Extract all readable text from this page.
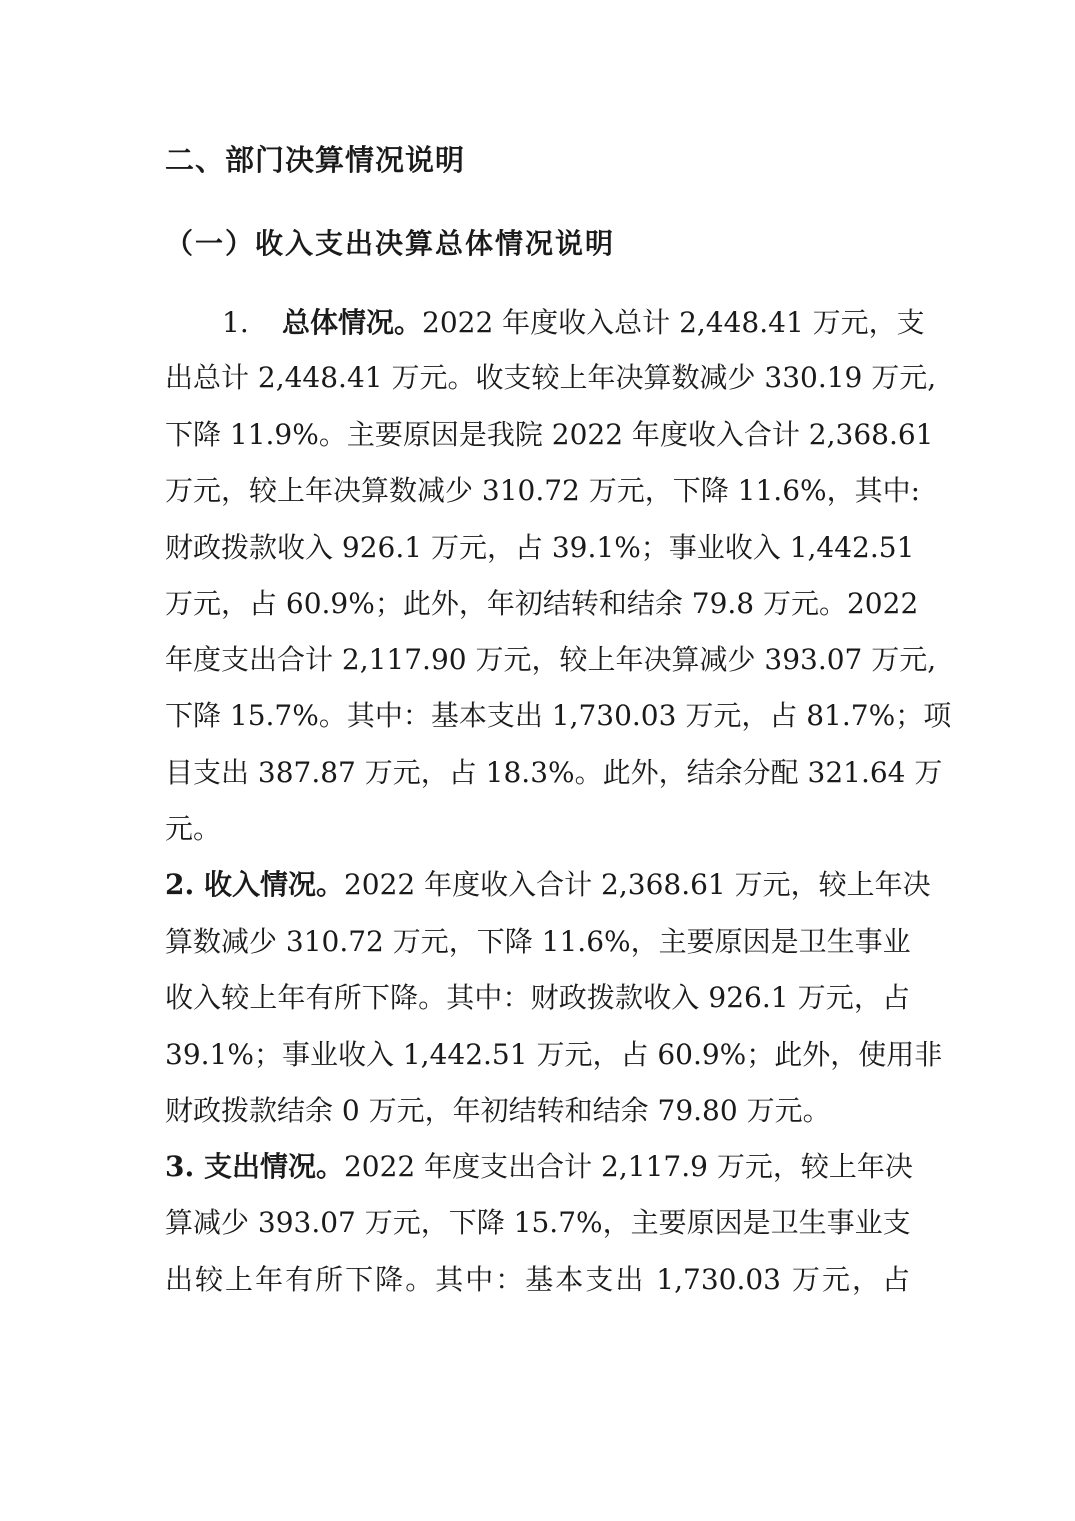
二、部门决算情况说明
（一）收入支出决算总体情况说明
1. 总体情况。2022 年度收入总计 2,448.41 万元，支
出总计 2,448.41 万元。收支较上年决算数减少 330.19 万元,
下降 11.9%。主要原因是我院 2022 年度收入合计 2,368.61
万元，较上年决算数减少 310.72 万元，下降 11.6%，其中:
财政拨款收入 926.1 万元，占 39.1%；事业收入 1,442.51
万元，占 60.9%；此外，年初结转和结余 79.8 万元。2022
年度支出合计 2,117.90 万元，较上年决算减少 393.07 万元,
下降 15.7%。其中：基本支出 1,730.03 万元，占 81.7%；项
目支出 387.87 万元，占 18.3%。此外，结余分配 321.64 万
元。
2. 收入情况。2022 年度收入合计 2,368.61 万元，较上年决
算数减少 310.72 万元，下降 11.6%，主要原因是卫生事业
收入较上年有所下降。其中：财政拨款收入 926.1 万元，占
39.1%；事业收入 1,442.51 万元，占 60.9%；此外，使用非
财政拨款结余 0 万元，年初结转和结余 79.80 万元。
3. 支出情况。2022 年度支出合计 2,117.9 万元，较上年决
算减少 393.07 万元，下降 15.7%，主要原因是卫生事业支
出较上年有所下降。其中：基本支出 1,730.03 万元，占
